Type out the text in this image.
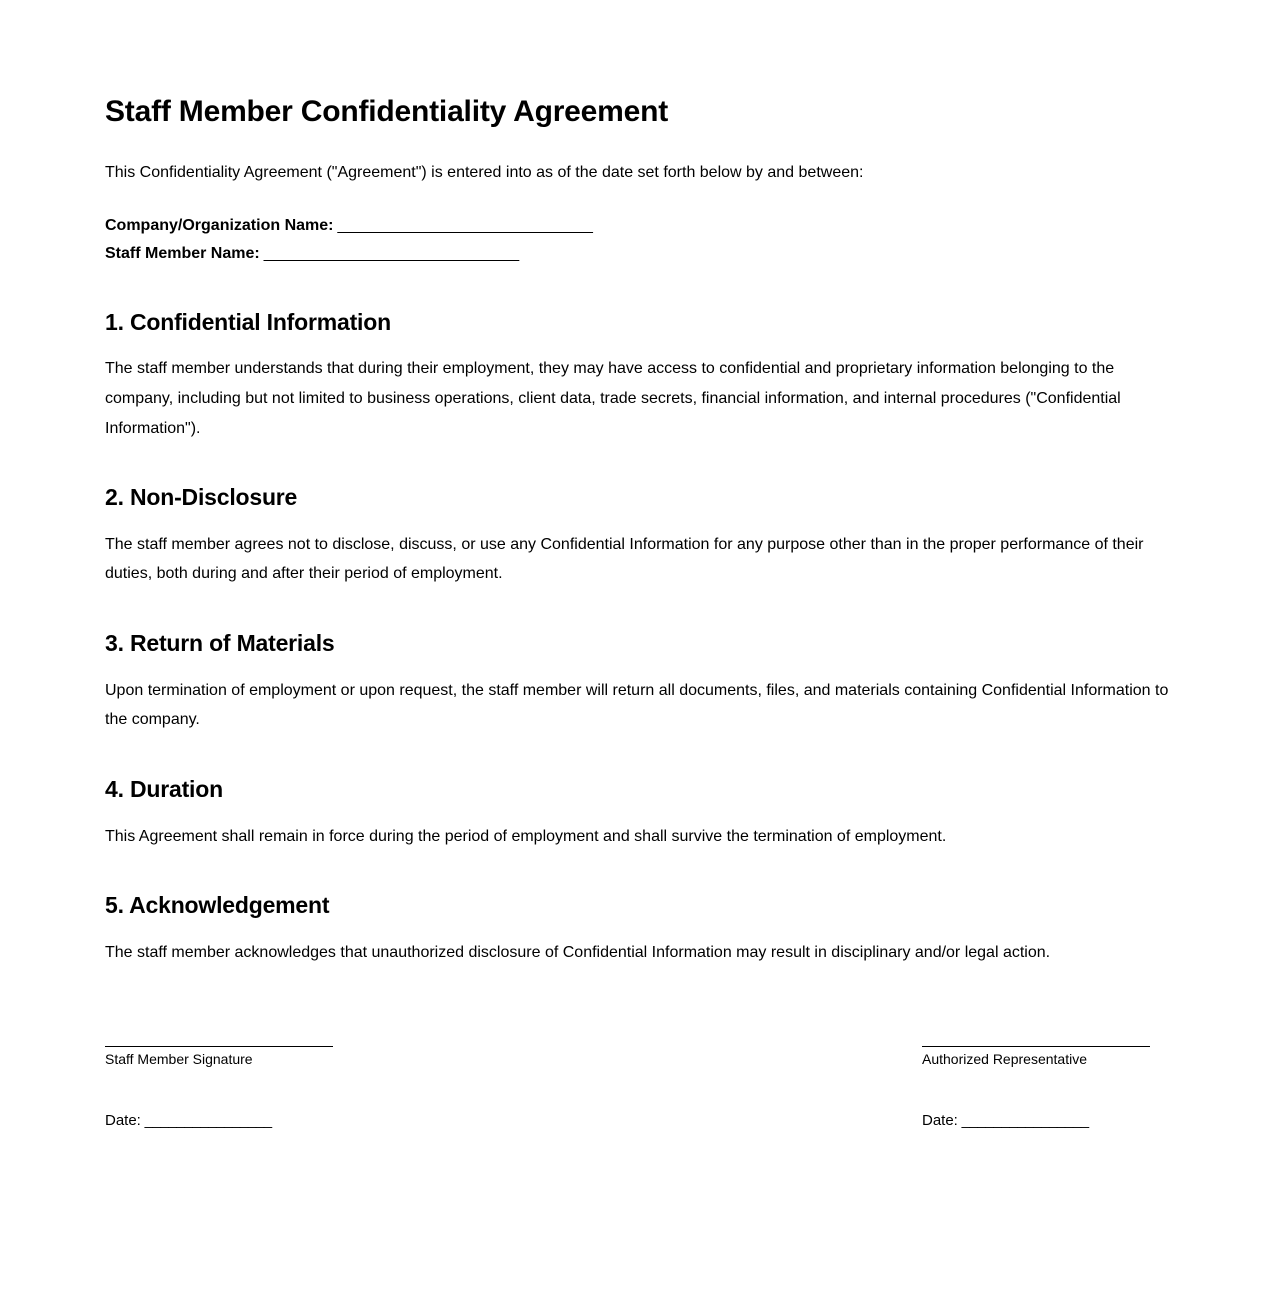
Staff Member Confidentiality Agreement

This Confidentiality Agreement ("Agreement") is entered into as of the date set forth below by and between:

Company/Organization Name: ______________________________
Staff Member Name: ______________________________
1. Confidential Information

The staff member understands that during their employment, they may have access to confidential and proprietary information belonging to the company, including but not limited to business operations, client data, trade secrets, financial information, and internal procedures ("Confidential Information").

2. Non-Disclosure

The staff member agrees not to disclose, discuss, or use any Confidential Information for any purpose other than in the proper performance of their duties, both during and after their period of employment.

3. Return of Materials

Upon termination of employment or upon request, the staff member will return all documents, files, and materials containing Confidential Information to the company.

4. Duration

This Agreement shall remain in force during the period of employment and shall survive the termination of employment.

5. Acknowledgement

The staff member acknowledges that unauthorized disclosure of Confidential Information may result in disciplinary and/or legal action.

Staff Member Signature
Date: ________________
Authorized Representative
Date: ________________
